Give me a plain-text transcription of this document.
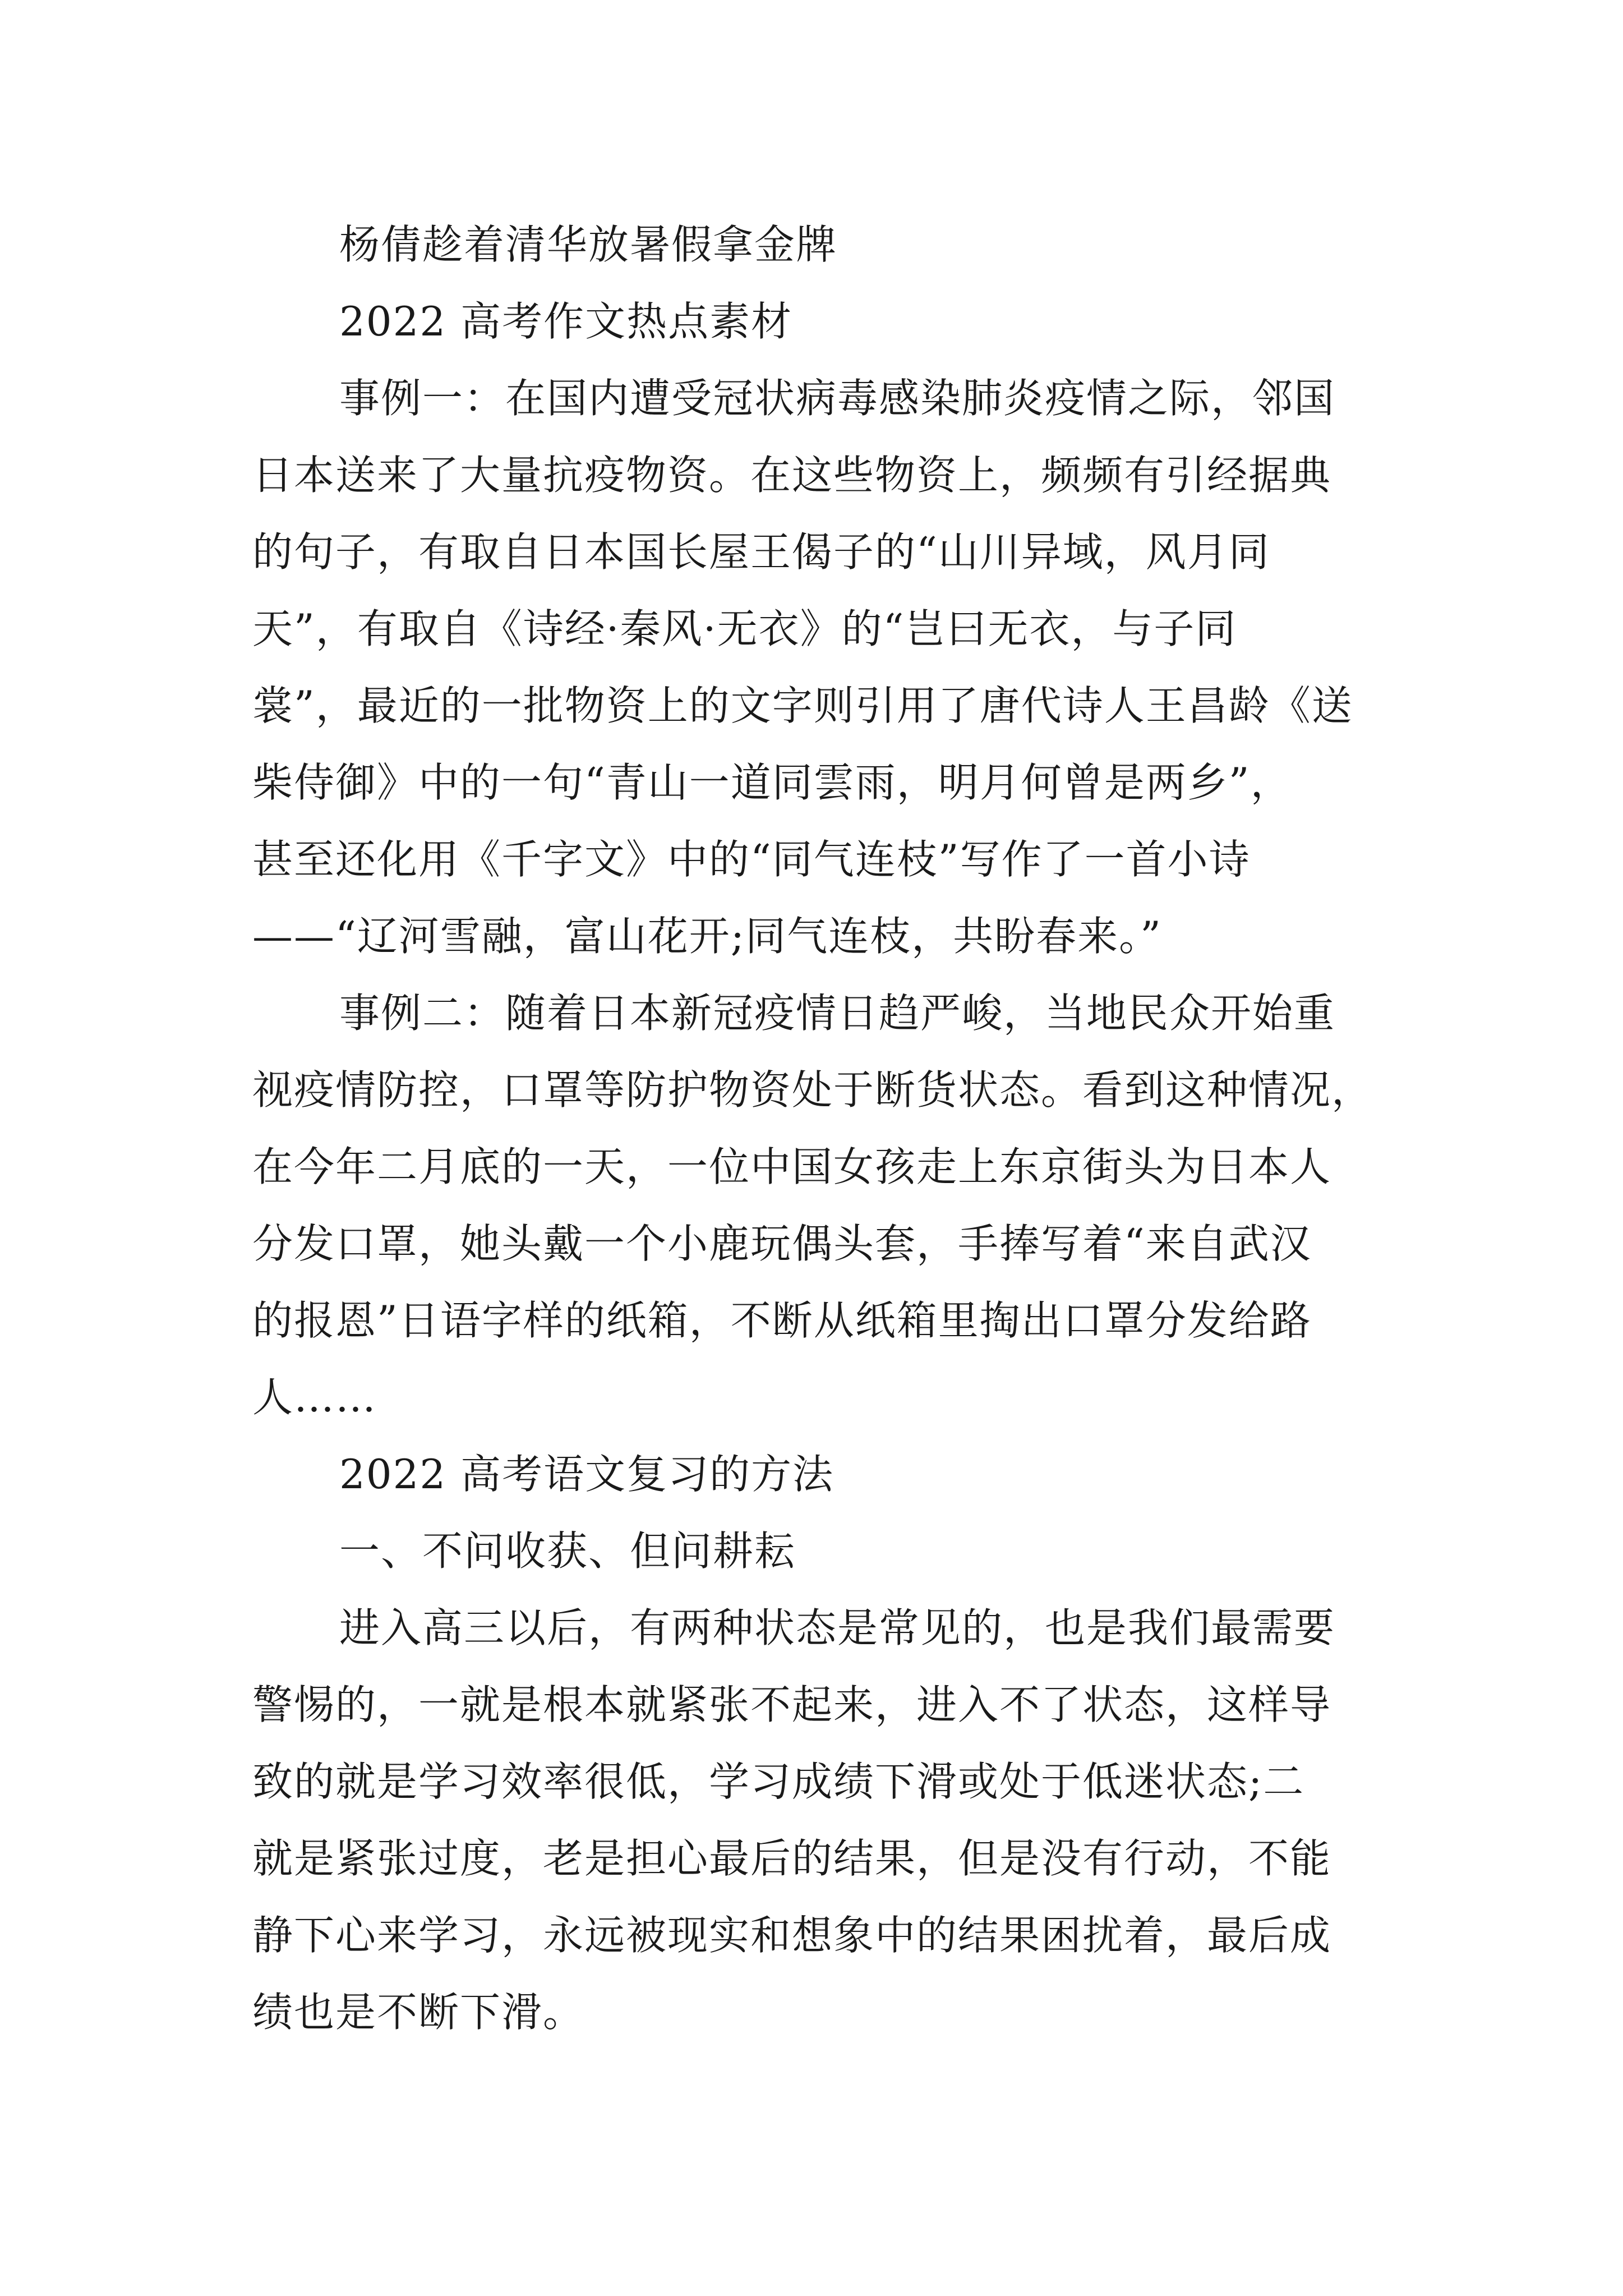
杨倩趁着清华放暑假拿金牌
2022 高考作文热点素材
事例一：在国内遭受冠状病毒感染肺炎疫情之际，邻国
日本送来了大量抗疫物资。在这些物资上，频频有引经据典
的句子，有取自日本国长屋王偈子的“山川异域，风月同
天”，有取自《诗经·秦风·无衣》的“岂曰无衣，与子同
裳”，最近的一批物资上的文字则引用了唐代诗人王昌龄《送
柴侍御》中的一句“青山一道同雲雨，明月何曾是两乡”，
甚至还化用《千字文》中的“同气连枝”写作了一首小诗
——“辽河雪融，富山花开;同气连枝，共盼春来。”
事例二：随着日本新冠疫情日趋严峻，当地民众开始重
视疫情防控，口罩等防护物资处于断货状态。看到这种情况，
在今年二月底的一天，一位中国女孩走上东京街头为日本人
分发口罩，她头戴一个小鹿玩偶头套，手捧写着“来自武汉
的报恩”日语字样的纸箱，不断从纸箱里掏出口罩分发给路
人……
2022 高考语文复习的方法
一、不问收获、但问耕耘
进入高三以后，有两种状态是常见的，也是我们最需要
警惕的，一就是根本就紧张不起来，进入不了状态，这样导
致的就是学习效率很低，学习成绩下滑或处于低迷状态;二
就是紧张过度，老是担心最后的结果，但是没有行动，不能
静下心来学习，永远被现实和想象中的结果困扰着，最后成
绩也是不断下滑。
